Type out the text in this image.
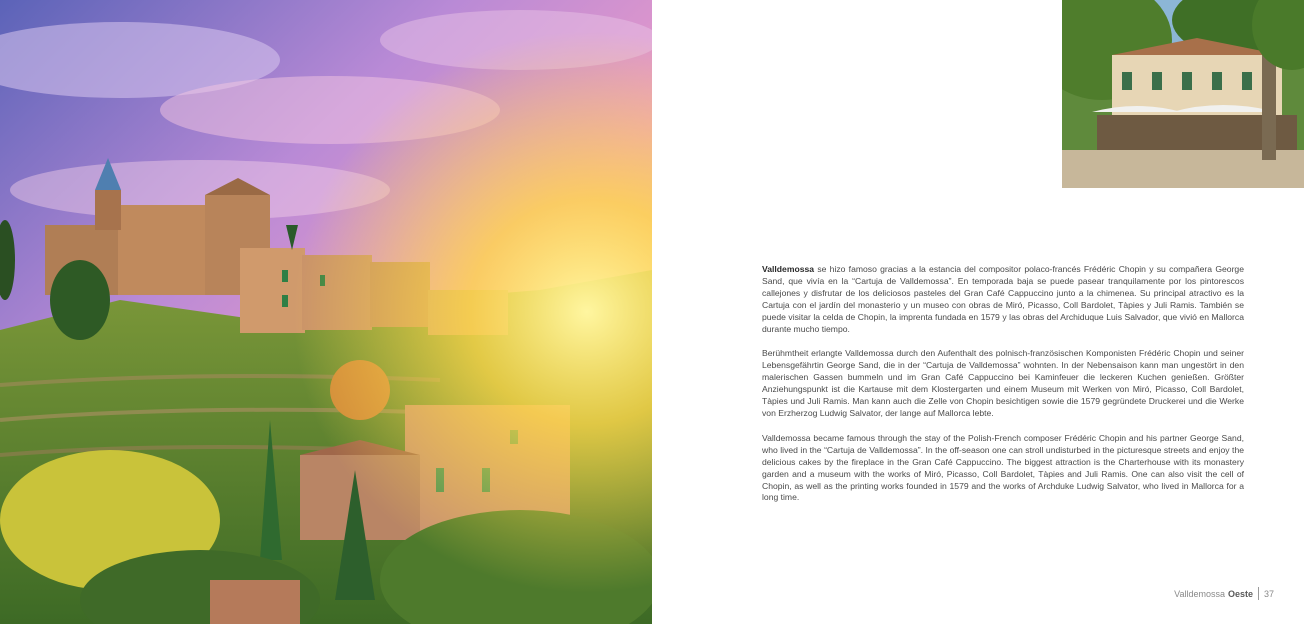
Valldemossa se hizo famoso gracias a la estancia del compositor polaco-francés Frédéric Chopin y su compañera George Sand, que vivía en la “Cartuja de Valldemossa”. En temporada baja se puede pasear tranquilamente por los pintorescos callejones y disfrutar de los deliciosos pasteles del Gran Café Cappuccino junto a la chimenea. Su principal atractivo es la Cartuja con el jardín del monasterio y un museo con obras de Miró, Picasso, Coll Bardolet, Tàpies y Juli Ramis. También se puede visitar la celda de Chopin, la imprenta fundada en 1579 y las obras del Archiduque Luis Salvador, que vivió en Mallorca durante mucho tiempo.

Berühmtheit erlangte Valldemossa durch den Aufenthalt des polnisch-französischen Komponisten Frédéric Chopin und seiner Lebensgefährtin George Sand, die in der “Cartuja de Valldemossa” wohnten. In der Nebensaison kann man ungestört in den malerischen Gassen bummeln und im Gran Café Cappuccino bei Kaminfeuer die leckeren Kuchen genießen. Größter Anziehungspunkt ist die Kartause mit dem Klostergarten und einem Museum mit Werken von Miró, Picasso, Coll Bardolet, Tàpies und Juli Ramis. Man kann auch die Zelle von Chopin besichtigen sowie die 1579 gegründete Druckerei und die Werke von Erzherzog Ludwig Salvator, der lange auf Mallorca lebte.

Valldemossa became famous through the stay of the Polish-French composer Frédéric Chopin and his partner George Sand, who lived in the “Cartuja de Valldemossa”. In the off-season one can stroll undisturbed in the picturesque streets and enjoy the delicious cakes by the fireplace in the Gran Café Cappuccino. The biggest attraction is the Charterhouse with its monastery garden and a museum with the works of Miró, Picasso, Coll Bardolet, Tàpies and Juli Ramis. One can also visit the cell of Chopin, as well as the printing works founded in 1579 and the works of Archduke Ludwig Salvator, who lived in Mallorca for a long time.

Valldemossa Oeste 37
